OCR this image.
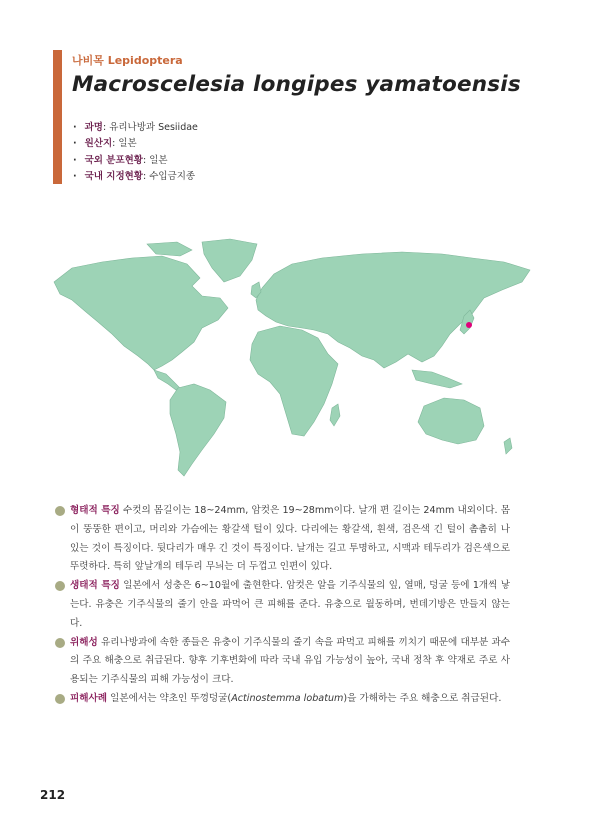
나비목 Lepidoptera
Macroscelesia longipes yamatoensis
· 과명: 유리나방과 Sesiidae
· 원산지: 일본
· 국외 분포현황: 일본
· 국내 지정현황: 수입금지종

형태적 특징 수컷의 몸길이는 18~24mm, 암컷은 19~28mm이다. 날개 편 길이는 24mm 내외이다. 몸이 뚱뚱한 편이고, 머리와 가슴에는 황갈색 털이 있다. 다리에는 황갈색, 흰색, 검은색 긴 털이 촘촘히 나 있는 것이 특징이다. 뒷다리가 매우 긴 것이 특징이다. 날개는 길고 투명하고, 시맥과 테두리가 검은색으로 뚜렷하다. 특히 앞날개의 테두리 무늬는 더 두껍고 인편이 있다.

생태적 특징 일본에서 성충은 6~10월에 출현한다. 암컷은 알을 기주식물의 잎, 열매, 덩굴 등에 1개씩 낳는다. 유충은 기주식물의 줄기 안을 파먹어 큰 피해를 준다. 유충으로 월동하며, 번데기방은 만들지 않는다.

위해성 유리나방과에 속한 종들은 유충이 기주식물의 줄기 속을 파먹고 피해를 끼치기 때문에 대부분 과수의 주요 해충으로 취급된다. 향후 기후변화에 따라 국내 유입 가능성이 높아, 국내 정착 후 약재로 주로 사용되는 기주식물의 피해 가능성이 크다.

피해사례 일본에서는 약초인 뚜껑덩굴(Actinostemma lobatum)을 가해하는 주요 해충으로 취급된다.

212
